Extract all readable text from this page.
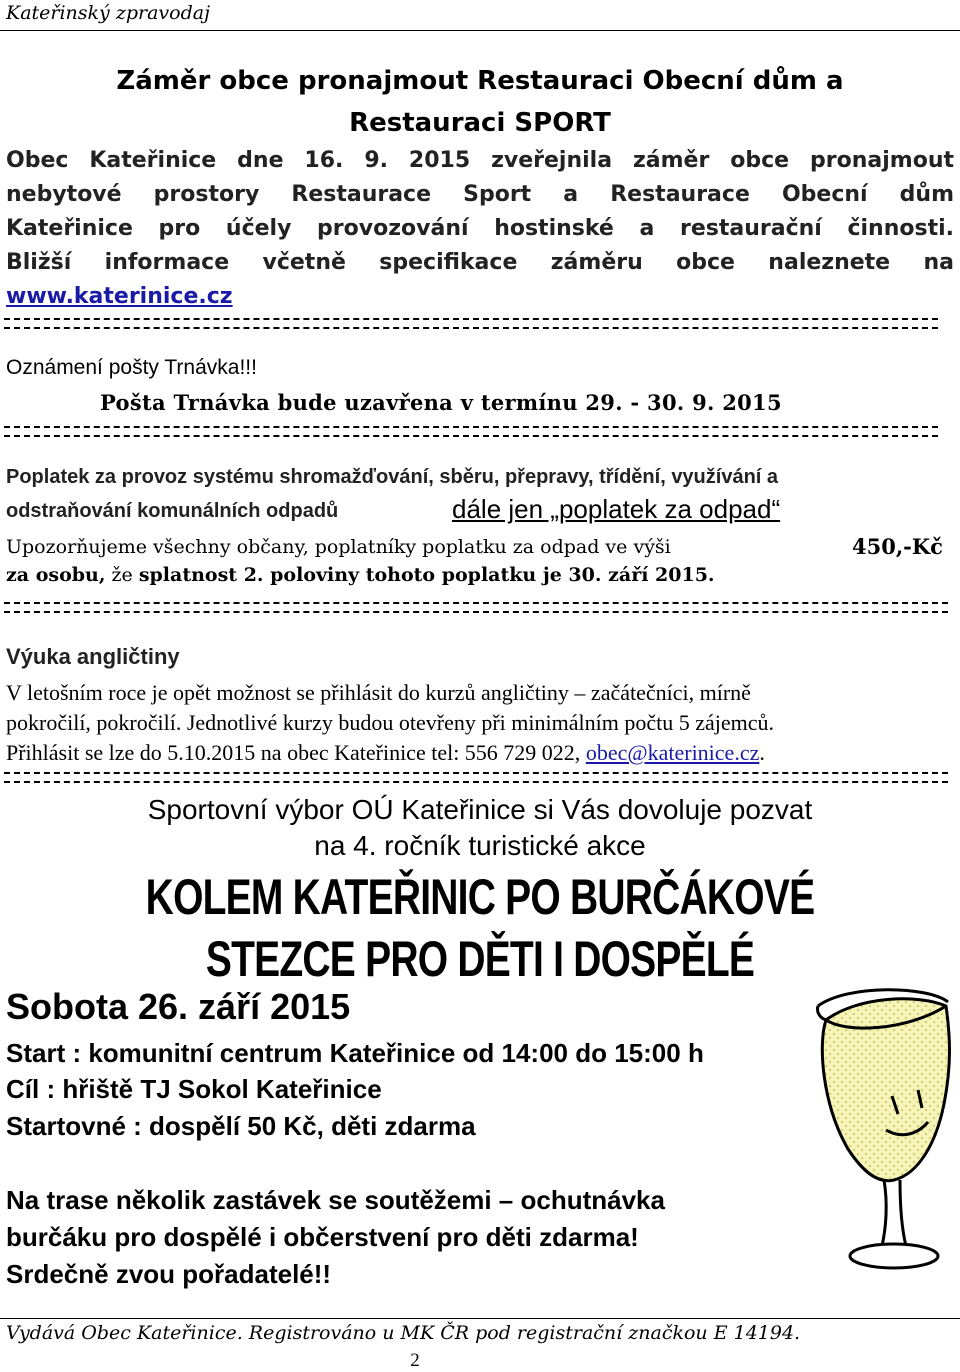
Kateřinský zpravodaj
Záměr obce pronajmout Restauraci Obecní dům a
Restauraci SPORT
Obec Kateřinice dne 16. 9. 2015 zveřejnila záměr obce pronajmout
nebytové prostory Restaurace Sport a Restaurace Obecní dům
Kateřinice pro účely provozování hostinské a restaurační činnosti.
Bližší informace včetně specifikace záměru obce naleznete na
www.katerinice.cz
Oznámení pošty Trnávka!!!
Pošta Trnávka bude uzavřena v termínu 29. - 30. 9. 2015
Poplatek za provoz systému shromažďování, sběru, přepravy, třídění, využívání a
odstraňování komunálních odpadů	dále jen „poplatek za odpad“
Upozorňujeme všechny občany, poplatníky poplatku za odpad ve výši	450,-Kč
za osobu, že splatnost 2. poloviny tohoto poplatku je 30. září 2015.
Výuka angličtiny
V letošním roce je opět možnost se přihlásit do kurzů angličtiny – začátečníci, mírně
pokročilí, pokročilí. Jednotlivé kurzy budou otevřeny při minimálním počtu 5 zájemců.
Přihlásit se lze do 5.10.2015 na obec Kateřinice tel: 556 729 022, obec@katerinice.cz.
Sportovní výbor OÚ Kateřinice si Vás dovoluje pozvat
na 4. ročník turistické akce
KOLEM KATEŘINIC PO BURČÁKOVÉ
STEZCE PRO DĚTI I DOSPĚLÉ
Sobota 26. září 2015
Start : komunitní centrum Kateřinice od 14:00 do 15:00 h
Cíl : hřiště TJ Sokol Kateřinice
Startovné : dospělí 50 Kč, děti zdarma
Na trase několik zastávek se soutěžemi – ochutnávka
burčáku pro dospělé i občerstvení pro děti zdarma!
Srdečně zvou pořadatelé!!
Vydává Obec Kateřinice. Registrováno u MK ČR pod registrační značkou E 14194.
2
